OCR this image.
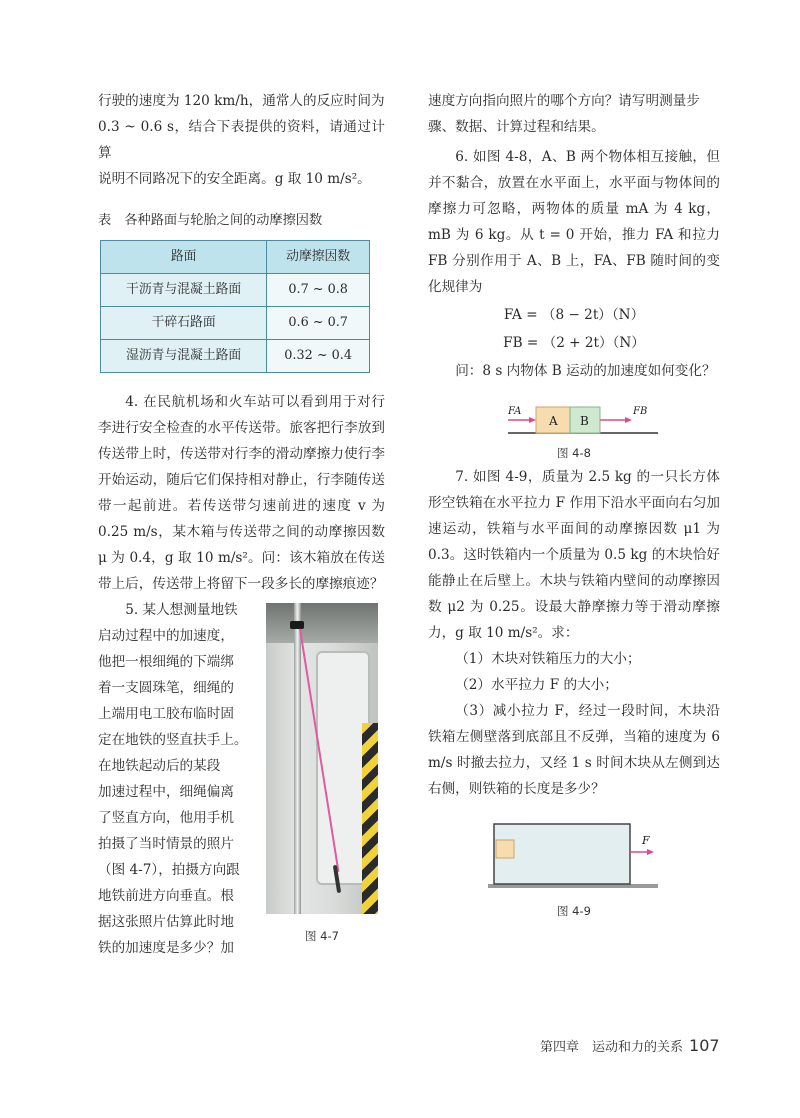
行驶的速度为 120 km/h，通常人的反应时间为

0.3 ~ 0.6 s，结合下表提供的资料，请通过计算

说明不同路况下的安全距离。g 取 10 m/s²。

表　各种路面与轮胎之间的动摩擦因数

路面	动摩擦因数
干沥青与混凝土路面	0.7 ~ 0.8
干碎石路面	0.6 ~ 0.7
湿沥青与混凝土路面	0.32 ~ 0.4

4. 在民航机场和火车站可以看到用于对行李进行安全检查的水平传送带。旅客把行李放到传送带上时，传送带对行李的滑动摩擦力使行李开始运动，随后它们保持相对静止，行李随传送带一起前进。若传送带匀速前进的速度 v 为 0.25 m/s，某木箱与传送带之间的动摩擦因数 μ 为 0.4，g 取 10 m/s²。问：该木箱放在传送带上后，传送带上将留下一段多长的摩擦痕迹？

5. 某人想测量地铁

启动过程中的加速度，

他把一根细绳的下端绑

着一支圆珠笔，细绳的

上端用电工胶布临时固

定在地铁的竖直扶手上。

在地铁起动后的某段

加速过程中，细绳偏离

了竖直方向，他用手机

拍摄了当时情景的照片

（图 4-7），拍摄方向跟

地铁前进方向垂直。根

据这张照片估算此时地

铁的加速度是多少？加

图 4-7

速度方向指向照片的哪个方向？请写明测量步

骤、数据、计算过程和结果。

6. 如图 4-8，A、B 两个物体相互接触，但并不黏合，放置在水平面上，水平面与物体间的摩擦力可忽略，两物体的质量 mA 为 4 kg，mB 为 6 kg。从 t = 0 开始，推力 FA 和拉力 FB 分别作用于 A、B 上，FA、FB 随时间的变化规律为

FA = （8 − 2t）（N）

FB = （2 + 2t）（N）

问：8 s 内物体 B 运动的加速度如何变化？

A B
FA	FB
图 4-8

7. 如图 4-9，质量为 2.5 kg 的一只长方体形空铁箱在水平拉力 F 作用下沿水平面向右匀加速运动，铁箱与水平面间的动摩擦因数 μ1 为 0.3。这时铁箱内一个质量为 0.5 kg 的木块恰好能静止在后壁上。木块与铁箱内壁间的动摩擦因数 μ2 为 0.25。设最大静摩擦力等于滑动摩擦力，g 取 10 m/s²。求：

（1）木块对铁箱压力的大小；

（2）水平拉力 F 的大小；

（3）减小拉力 F，经过一段时间，木块沿铁箱左侧壁落到底部且不反弹，当箱的速度为 6 m/s 时撤去拉力，又经 1 s 时间木块从左侧到达右侧，则铁箱的长度是多少？

F
图 4-9
第四章　运动和力的关系 107
